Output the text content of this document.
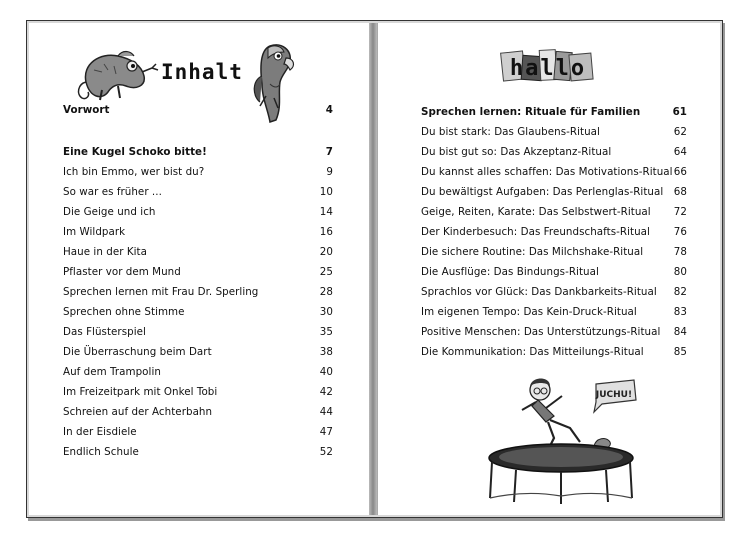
Inhalt
Vorwort	4
Eine Kugel Schoko bitte!	7
Ich bin Emmo, wer bist du?	9
So war es früher ...	10
Die Geige und ich	14
Im Wildpark	16
Haue in der Kita	20
Pflaster vor dem Mund	25
Sprechen lernen mit Frau Dr. Sperling	28
Sprechen ohne Stimme	30
Das Flüsterspiel	35
Die Überraschung beim Dart	38
Auf dem Trampolin	40
Im Freizeitpark mit Onkel Tobi	42
Schreien auf der Achterbahn	44
In der Eisdiele	47
Endlich Schule	52
hallo
Sprechen lernen: Rituale für Familien	61
Du bist stark: Das Glaubens-Ritual	62
Du bist gut so: Das Akzeptanz-Ritual	64
Du kannst alles schaffen: Das Motivations-Ritual 66
Du bewältigst Aufgaben: Das Perlenglas-Ritual 68
Geige, Reiten, Karate: Das Selbstwert-Ritual 72
Der Kinderbesuch: Das Freundschafts-Ritual 76
Die sichere Routine: Das Milchshake-Ritual	78
Die Ausflüge: Das Bindungs-Ritual	80
Sprachlos vor Glück: Das Dankbarkeits-Ritual 82
Im eigenen Tempo: Das Kein-Druck-Ritual	83
Positive Menschen: Das Unterstützungs-Ritual 84
Die Kommunikation: Das Mitteilungs-Ritual	85
JUCHU!
